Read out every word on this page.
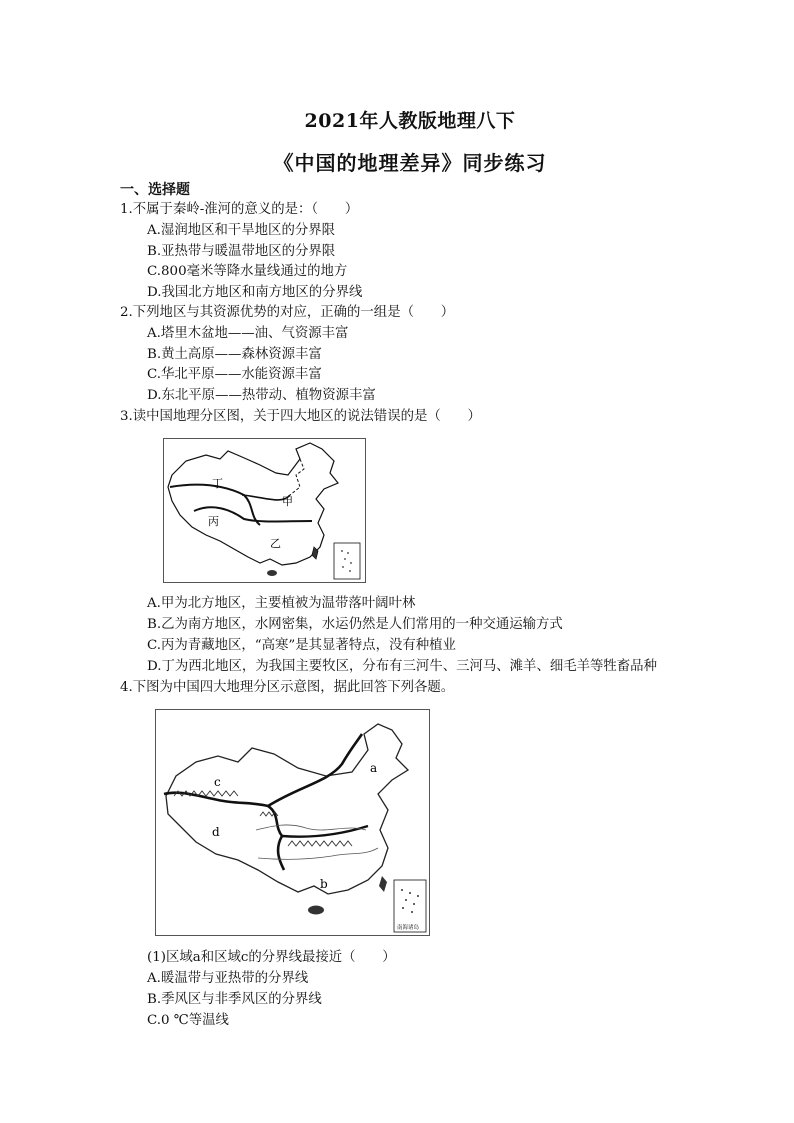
2021年人教版地理八下
《中国的地理差异》同步练习
一、选择题
1.不属于秦岭-淮河的意义的是：（　　）
A.湿润地区和干旱地区的分界限
B.亚热带与暖温带地区的分界限
C.800毫米等降水量线通过的地方
D.我国北方地区和南方地区的分界线
2.下列地区与其资源优势的对应，正确的一组是（　　）
A.塔里木盆地——油、气资源丰富
B.黄土高原——森林资源丰富
C.华北平原——水能资源丰富
D.东北平原——热带动、植物资源丰富
3.读中国地理分区图，关于四大地区的说法错误的是（　　）
丁
甲
丙
乙
A.甲为北方地区，主要植被为温带落叶阔叶林
B.乙为南方地区，水网密集，水运仍然是人们常用的一种交通运输方式
C.丙为青藏地区，“高寒”是其显著特点，没有种植业
D.丁为西北地区，为我国主要牧区，分布有三河牛、三河马、滩羊、细毛羊等牲畜品种
4.下图为中国四大地理分区示意图，据此回答下列各题。
c
d
a
b
南海诸岛
(1)区域a和区域c的分界线最接近（　　）
A.暖温带与亚热带的分界线
B.季风区与非季风区的分界线
C.0 ℃等温线
